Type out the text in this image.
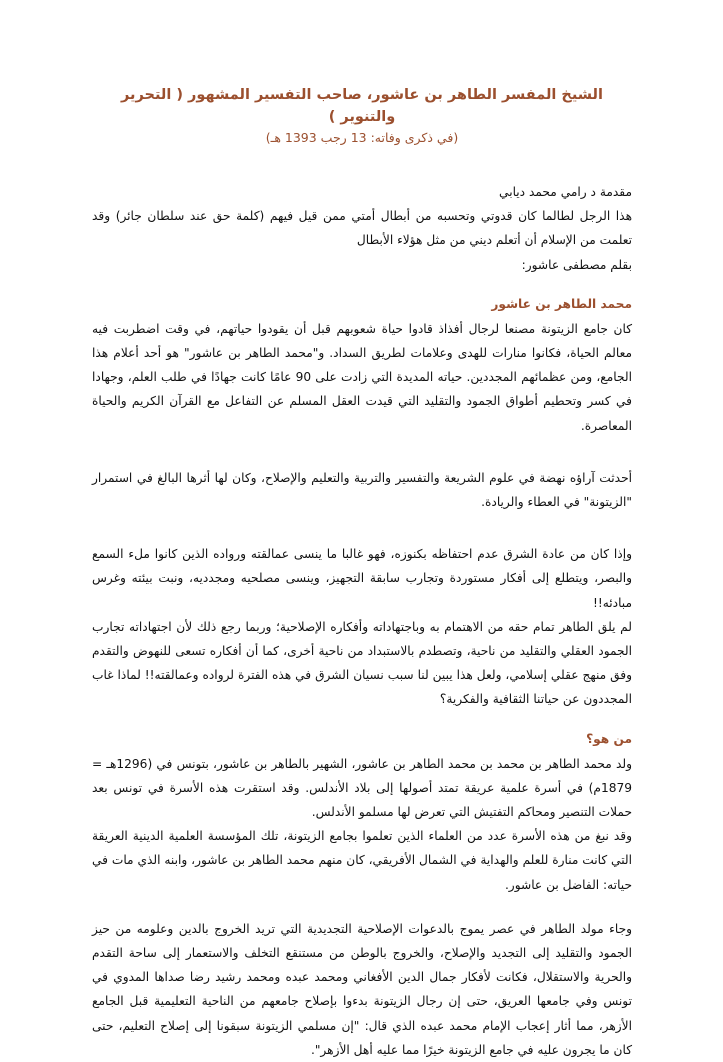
الشيخ المفسر الطاهر بن عاشور، صاحب التفسير المشهور ( التحرير والتنوير )

(في ذكرى وفاته: 13 رجب 1393 هـ)

مقدمة د رامي محمد ديابي

هذا الرجل لطالما كان قدوتي وتحسبه من أبطال أمتي ممن قيل فيهم (كلمة حق عند سلطان جائر) وقد تعلمت من الإسلام أن أتعلم ديني من مثل هؤلاء الأبطال

بقلم مصطفى عاشور:

محمد الطاهر بن عاشور

كان جامع الزيتونة مصنعا لرجال أفذاذ قادوا حياة شعوبهم قبل أن يقودوا حياتهم، في وقت اضطربت فيه معالم الحياة، فكانوا منارات للهدى وعلامات لطريق السداد. و"محمد الطاهر بن عاشور" هو أحد أعلام هذا الجامع، ومن عظمائهم المجددين. حياته المديدة التي زادت على 90 عامًا كانت جهادًا في طلب العلم، وجهادا في كسر وتحطيم أطواق الجمود والتقليد التي قيدت العقل المسلم عن التفاعل مع القرآن الكريم والحياة المعاصرة.

أحدثت آراؤه نهضة في علوم الشريعة والتفسير والتربية والتعليم والإصلاح، وكان لها أثرها البالغ في استمرار "الزيتونة" في العطاء والريادة.

وإذا كان من عادة الشرق عدم احتفاظه بكنوزه، فهو غالبا ما ينسى عمالقته ورواده الذين كانوا ملء السمع والبصر، ويتطلع إلى أفكار مستوردة وتجارب سابقة التجهيز، وينسى مصلحيه ومجدديه، ونبت بيئته وغرس مبادئه!!

لم يلق الطاهر تمام حقه من الاهتمام به وباجتهاداته وأفكاره الإصلاحية؛ وربما رجع ذلك لأن اجتهاداته تجارب الجمود العقلي والتقليد من ناحية، وتصطدم بالاستبداد من ناحية أخرى، كما أن أفكاره تسعى للنهوض والتقدم وفق منهج عقلي إسلامي، ولعل هذا يبين لنا سبب نسيان الشرق في هذه الفترة لرواده وعمالقته!! لماذا غاب المجددون عن حياتنا الثقافية والفكرية؟

من هو؟

ولد محمد الطاهر بن محمد بن محمد الطاهر بن عاشور، الشهير بالطاهر بن عاشور، بتونس في (1296هـ = 1879م) في أسرة علمية عريقة تمتد أصولها إلى بلاد الأندلس. وقد استقرت هذه الأسرة في تونس بعد حملات التنصير ومحاكم التفتيش التي تعرض لها مسلمو الأندلس.

وقد نبغ من هذه الأسرة عدد من العلماء الذين تعلموا بجامع الزيتونة، تلك المؤسسة العلمية الدينية العريقة التي كانت منارة للعلم والهداية في الشمال الأفريقي، كان منهم محمد الطاهر بن عاشور، وابنه الذي مات في حياته: الفاضل بن عاشور.

وجاء مولد الطاهر في عصر يموج بالدعوات الإصلاحية التجديدية التي تريد الخروج بالدين وعلومه من حيز الجمود والتقليد إلى التجديد والإصلاح، والخروج بالوطن من مستنقع التخلف والاستعمار إلى ساحة التقدم والحرية والاستقلال، فكانت لأفكار جمال الدين الأفغاني ومحمد عبده ومحمد رشيد رضا صداها المدوي في تونس وفي جامعها العريق، حتى إن رجال الزيتونة بدءوا بإصلاح جامعهم من الناحية التعليمية قبل الجامع الأزهر، مما أثار إعجاب الإمام محمد عبده الذي قال: "إن مسلمي الزيتونة سبقونا إلى إصلاح التعليم، حتى كان ما يجرون عليه في جامع الزيتونة خيرًا مما عليه أهل الأزهر".
